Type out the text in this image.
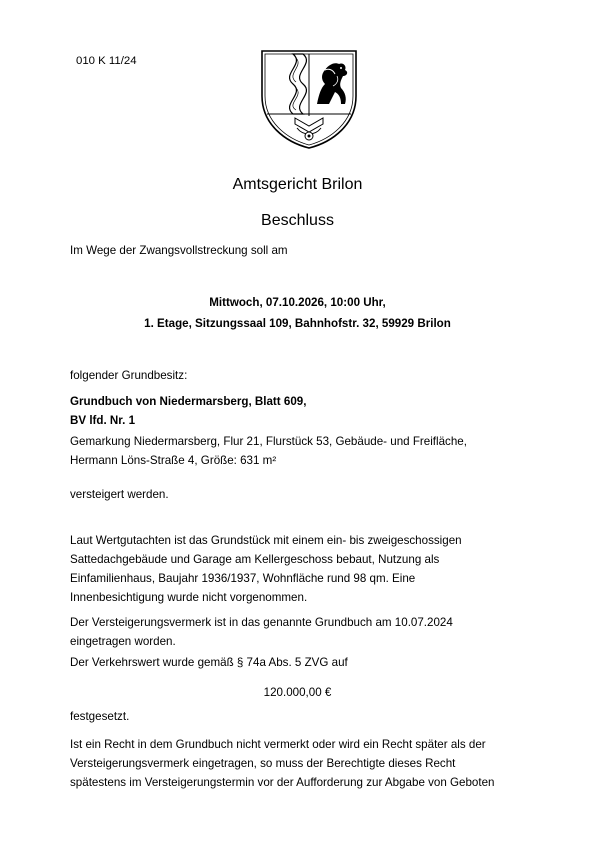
010 K 11/24
Amtsgericht Brilon
Beschluss
Im Wege der Zwangsvollstreckung soll am
Mittwoch, 07.10.2026, 10:00 Uhr,
1. Etage, Sitzungssaal 109, Bahnhofstr. 32, 59929 Brilon
folgender Grundbesitz:
Grundbuch von Niedermarsberg, Blatt 609,
BV lfd. Nr. 1
Gemarkung Niedermarsberg, Flur 21, Flurstück 53, Gebäude- und Freifläche,
Hermann Löns-Straße 4, Größe: 631 m²
versteigert werden.
Laut Wertgutachten ist das Grundstück mit einem ein- bis zweigeschossigen
Sattedachgebäude und Garage am Kellergeschoss bebaut, Nutzung als
Einfamilienhaus, Baujahr 1936/1937, Wohnfläche rund 98 qm. Eine
Innenbesichtigung wurde nicht vorgenommen.
Der Versteigerungsvermerk ist in das genannte Grundbuch am 10.07.2024
eingetragen worden.
Der Verkehrswert wurde gemäß § 74a Abs. 5 ZVG auf
120.000,00 €
festgesetzt.
Ist ein Recht in dem Grundbuch nicht vermerkt oder wird ein Recht später als der
Versteigerungsvermerk eingetragen, so muss der Berechtigte dieses Recht
spätestens im Versteigerungstermin vor der Aufforderung zur Abgabe von Geboten
